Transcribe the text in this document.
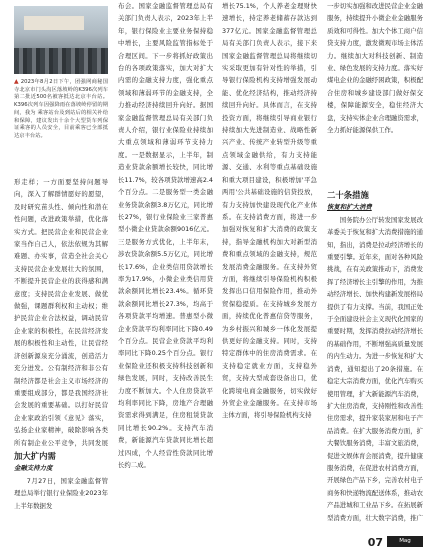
▲ 2023年8月2日下午，团强网商秘国寺北京市门头沟区落坡岭的K396次列车第二批近500名被客抵达北京丰台站。K396次列车因强降雨在落坡岭停留的期间，我为 乘客站台及到站后的相关补给和保障，建议发出十余个大型货车列保证乘客的人员安全，目前乘客已全部抵达京丰台站。

形走样；一方面要坚持问题导向，深入了解群情愿好的愿望，及时研究苗头性、倾向性和潜在性问题，改进政策举措，优化落实方式。把民营企业和民营企业家当作自己人，依法依规为其解难题、办实事，营造全社会关心支持民营企业发展壮大的氛围，不断提升民营企业的获得感和满意度；支持民营企业发展、做优做强，课题群利权和主动权；维护民营企业合法权益，调动民营企业家的积极性，在民营经济发展的积极性和主动性，让民营经济创新源泉充分涌流，创造活力充分迸发。公有制经济和非公有制经济都是社会主义市场经济的重要组成部分，都是我国经济社会发展的重要基础。以打好民营企业家政治引领《意见》落实，弘扬企业家精神，破除影响各类所有制企业公平竞争，共同发展

加大扩内需
金融支持力度

7月27日，国家金融监督管理总局举行银行业保险业2023年上半年数据发

布会。国家金融监督管理总局有关部门负责人表示，2023年上半年，银行保险业主要业务保持稳中增长，主要风险监管指标处于合理区间。下一步将抓好政策出台的各项政策落实，加大对扩大内需的金融支持力度，强化重点领域和薄弱环节的金融支持，全力推动经济持续回升向好。据国家金融监督管理总局有关部门负责人介绍，银行业保险业持续加大重点领域和薄弱环节支持力度。一是数据显示，上半年，制造业贷款余额增长较快，同比增长11.7%，较各项贷款增速高2.4个百分点。二是服务型一类金融业务贷款余额3.8万亿元，同比增长27%，银行业保险业三家普惠型小微企业贷款余额9016亿元。三是服务方式优化，上半年末，涉农贷款余额5.5万亿元，同比增长17.6%，企业类信用贷款增长率为17.9%，小微企业类信用贷款余额同比增长23.4%。循环贷款余额同比增长27.3%，均高于各项贷款平均增速。普惠型小微企业贷款平均利率同比下降0.49个百分点。民营企业贷款平均利率同比下降0.25个百分点。银行业保险业还积极支持科技创新和绿色发展，同时，支持改善民生力度不断加大。个人住房贷款平均利率同比下降，房地产合理融资需求得到满足，住房租赁贷款同比增长90.2%。支持汽车消费，新能源汽车贷款同比增长超过四成，个人经营性贷款同比增长约二成。

增长75.1%，个人养老金理财快速增长，持定养老储蓄存款达到377亿元。国家金融监督管理总局有关部门负责人表示，接下来国家金融监督管理总局将继续切实采取更加有针对性的举措，引导银行保险机构支持增强发展动能、优化经济结构，推动经济持续回升向好。具体而言，在支持投资方面，将继续引导商业银行持续加大先进制造业、战略性新兴产业、传统产业转型升级等重点领域金融供给，有力支持能源、交通、水利等重点基础设施和重大项目建设，积极增加'平急两用'公共基础设施的信贷投放，有力支持加快建设现代化产业体系。在支持消费方面，将进一步加强对恢复和扩大消费的政策支持，指导金融机构加大对新型消费和重点领域的金融支持，规范发展消费金融服务。在支持外贸方面，将继续引导保险机构积极发挥出口信用保险作用，推动外贸保稳提质。在支持城乡发展方面，持续优化普惠信贷等服务，为乡村振兴和城乡一体化发展提供更好的金融支持。同时，支持特定群体中的住房消费需求。在支持稳定就业方面，支持稳外贸，支持大型成套设备出口，优化跨境电商金融服务，切实做好外贸企业金融服务。在支持市场主体方面，将引导保险机构支持

一步切实加强和改进民营企业金融服务，持续提升小微企业金融服务质效和可得性。加大个体工商户信贷支持力度，激发微观市场主体活力。继续加大对科技创新、制造业、绿色发展的支持力度。落实好煤电企业的金融纾困政策，积极配合住房和城乡建设部门做好保交楼，保障能源安全，稳住经济大盘，支持实体企业合理融资需求，全力抓好能源保供工作。

二十条措施
恢复和扩大消费

国务院办公厅转发国家发展改革委关于恢复和扩大消费措施的通知，指出，消费是拉动经济增长的重要引擎。近年来，面对各种风险挑战，在有关政策推动下，消费发挥了经济增长主引擎的作用，为推动经济增长、加快构建新发展格局提供了有力支撑。当前，我国正处于全面建设社会主义现代化国家的重要时期，发挥消费拉动经济增长的基础作用，不断增强高质量发展的内生动力。为进一步恢复和扩大消费，通知提出了20条措施。在稳定大宗消费方面，优化汽车购买使用管理，扩大新能源汽车消费，扩大住房消费，支持刚性和改善性住房需求，提升家装家居和电子产品消费。在扩大服务消费方面，扩大餐饮服务消费，丰富文旅消费，促进文娱体育会展消费，提升健康服务消费，在促进农村消费方面，开展绿色产品下乡，完善农村电子商务和快递物流配送体系，推动农产品进城和工业品下乡。在拓展新型消费方面，壮大数字消费，推广

07	Mag
